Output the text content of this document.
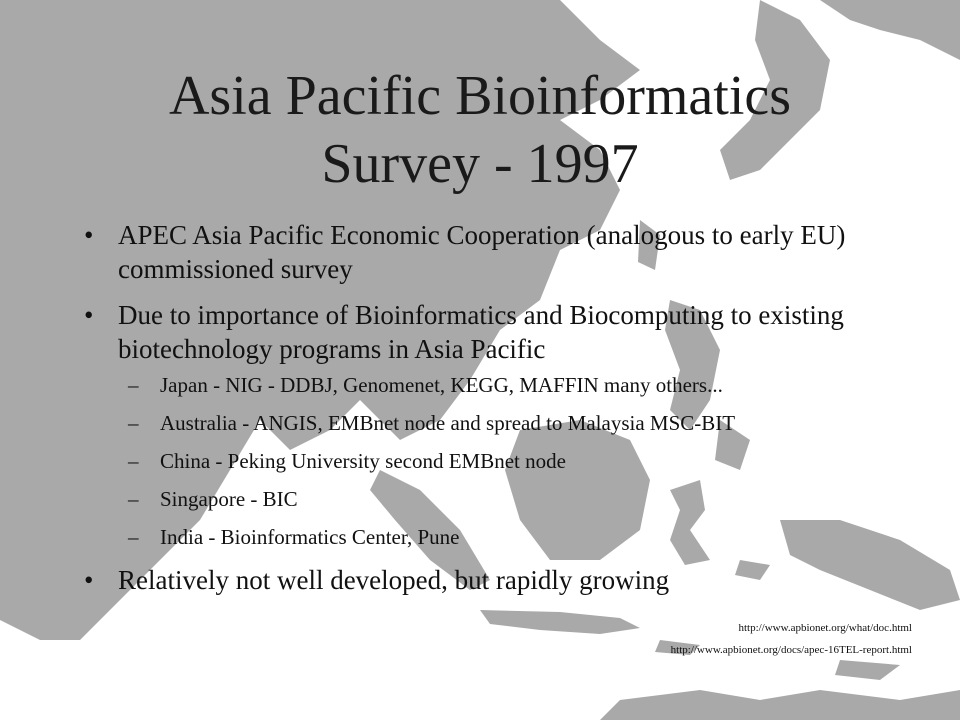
Asia Pacific Bioinformatics
Survey - 1997
• APEC Asia Pacific Economic Cooperation (analogous to early EU) commissioned survey
• Due to importance of Bioinformatics and Biocomputing to existing biotechnology programs in Asia Pacific
– Japan - NIG - DDBJ, Genomenet, KEGG, MAFFIN many others...
– Australia - ANGIS, EMBnet node and spread to Malaysia MSC-BIT
– China - Peking University second EMBnet node
– Singapore - BIC
– India - Bioinformatics Center, Pune
• Relatively not well developed, but rapidly growing
http://www.apbionet.org/what/doc.html
http://www.apbionet.org/docs/apec-16TEL-report.html
